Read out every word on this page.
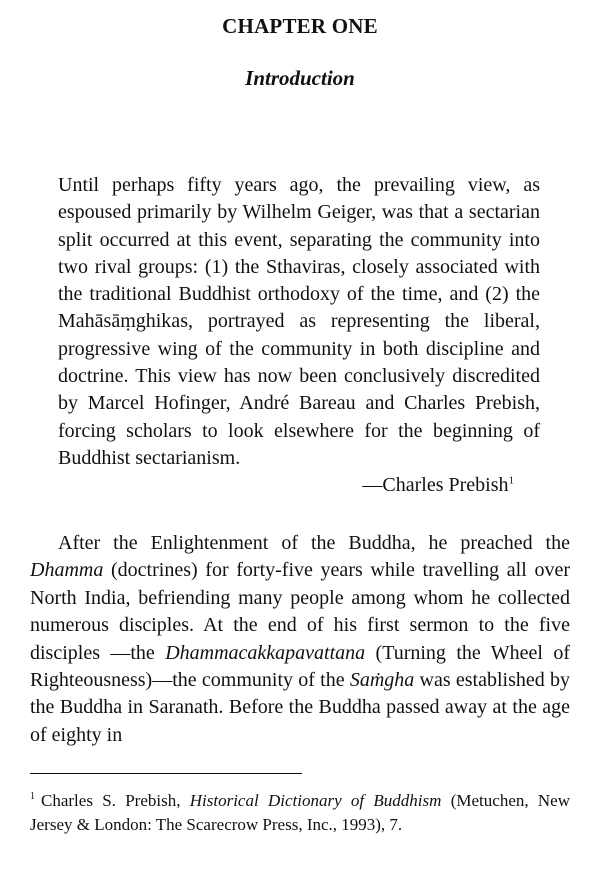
CHAPTER ONE
Introduction

Until perhaps fifty years ago, the prevailing view, as espoused primarily by Wilhelm Geiger, was that a sectarian split occurred at this event, separating the community into two rival groups: (1) the Sthaviras, closely associated with the traditional Buddhist orthodoxy of the time, and (2) the Mahāsāṃghikas, portrayed as representing the liberal, progressive wing of the community in both discipline and doctrine. This view has now been conclusively discredited by Marcel Hofinger, André Bareau and Charles Prebish, forcing scholars to look elsewhere for the beginning of Buddhist sectarianism.

—Charles Prebish$^1$

After the Enlightenment of the Buddha, he preached the Dhamma (doctrines) for forty-five years while travelling all over North India, befriending many people among whom he collected numerous disciples. At the end of his first sermon to the five disciples —the Dhammacakkapavattana (Turning the Wheel of Righteousness)—the community of the Saṁgha was established by the Buddha in Saranath. Before the Buddha passed away at the age of eighty in

$^1$ Charles S. Prebish, Historical Dictionary of Buddhism (Metuchen, New Jersey & London: The Scarecrow Press, Inc., 1993), 7.
